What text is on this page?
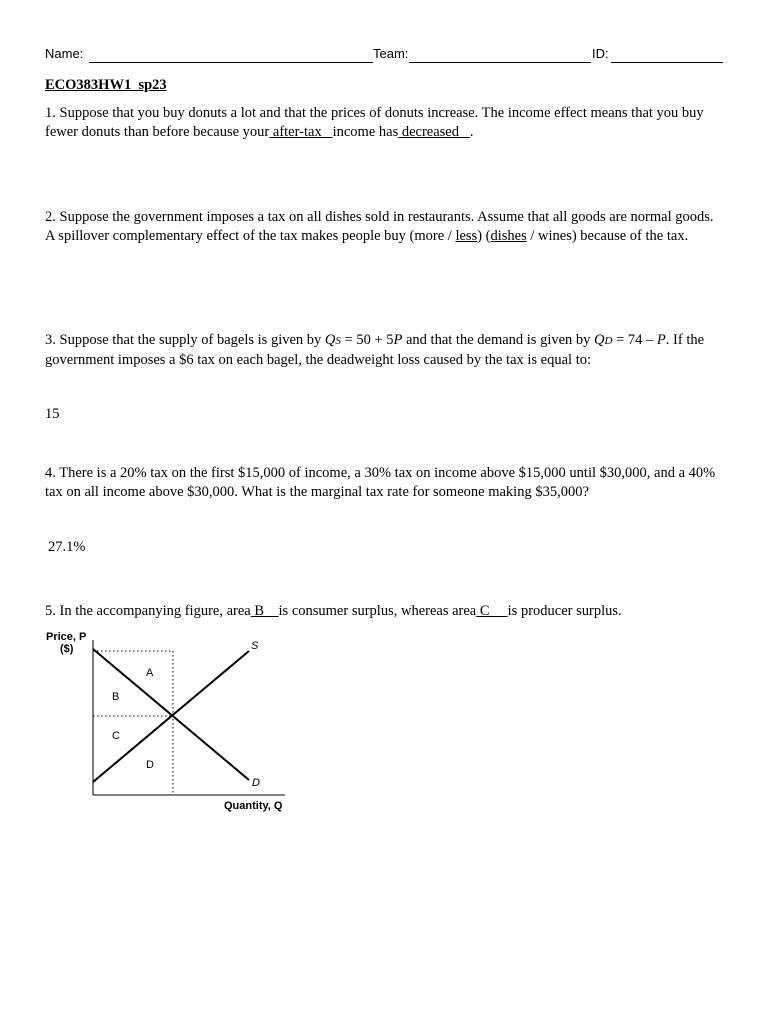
Name:	Team:	ID:
ECO383HW1_sp23
1. Suppose that you buy donuts a lot and that the prices of donuts increase. The income effect means that you buy fewer donuts than before because your after-tax   income has decreased   .
2. Suppose the government imposes a tax on all dishes sold in restaurants. Assume that all goods are normal goods. A spillover complementary effect of the tax makes people buy (more / less) (dishes / wines) because of the tax.
3. Suppose that the supply of bagels is given by QS = 50 + 5P and that the demand is given by QD = 74 – P. If the government imposes a $6 tax on each bagel, the deadweight loss caused by the tax is equal to:
15
4. There is a 20% tax on the first $15,000 of income, a 30% tax on income above $15,000 until $30,000, and a 40% tax on all income above $30,000. What is the marginal tax rate for someone making $35,000?
27.1%
5. In the accompanying figure, area B    is consumer surplus, whereas area C     is producer surplus.
Price, P
($)
Quantity, Q
S
D
A
B
C
D
